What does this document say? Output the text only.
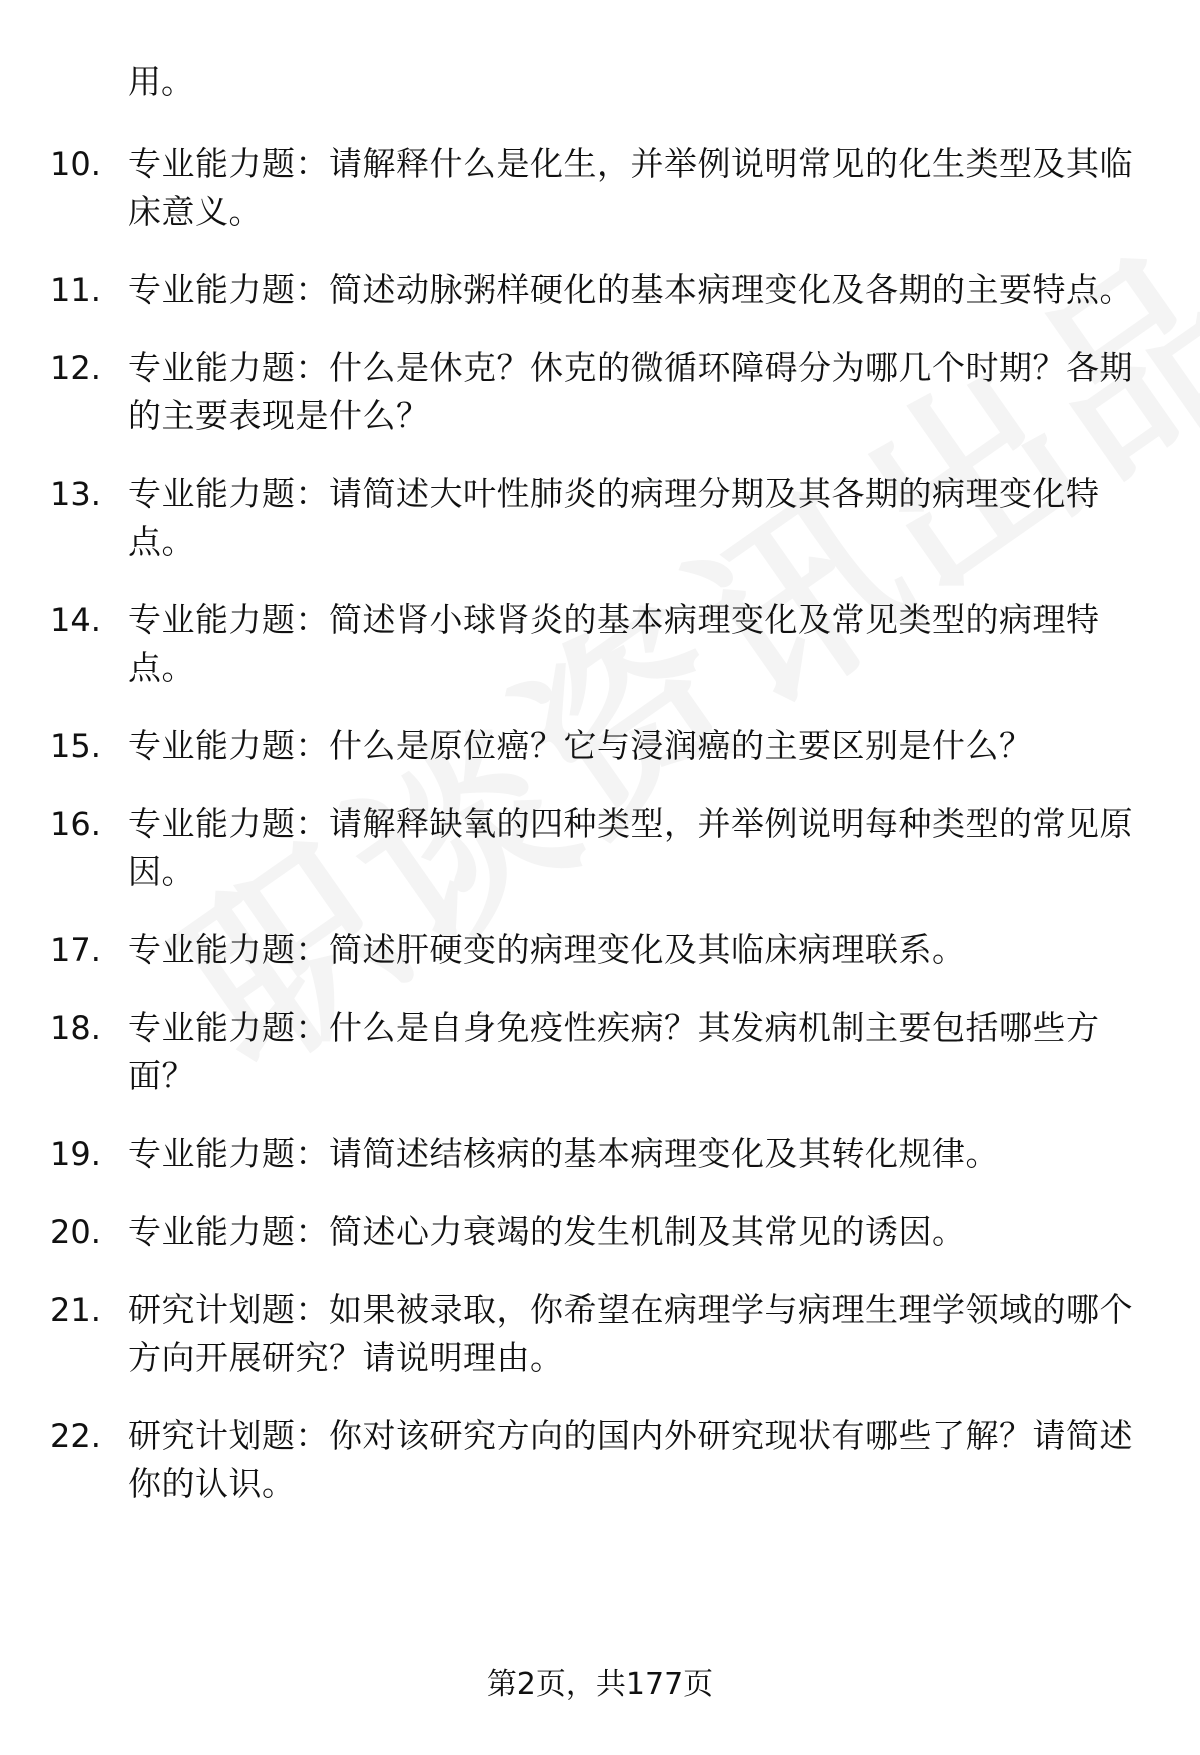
用。
10. 专业能力题：请解释什么是化生，并举例说明常见的化生类型及其临床意义。
11. 专业能力题：简述动脉粥样硬化的基本病理变化及各期的主要特点。
12. 专业能力题：什么是休克？休克的微循环障碍分为哪几个时期？各期的主要表现是什么？
13. 专业能力题：请简述大叶性肺炎的病理分期及其各期的病理变化特点。
14. 专业能力题：简述肾小球肾炎的基本病理变化及常见类型的病理特点。
15. 专业能力题：什么是原位癌？它与浸润癌的主要区别是什么？
16. 专业能力题：请解释缺氧的四种类型，并举例说明每种类型的常见原因。
17. 专业能力题：简述肝硬变的病理变化及其临床病理联系。
18. 专业能力题：什么是自身免疫性疾病？其发病机制主要包括哪些方面？
19. 专业能力题：请简述结核病的基本病理变化及其转化规律。
20. 专业能力题：简述心力衰竭的发生机制及其常见的诱因。
21. 研究计划题：如果被录取，你希望在病理学与病理生理学领域的哪个方向开展研究？请说明理由。
22. 研究计划题：你对该研究方向的国内外研究现状有哪些了解？请简述你的认识。
第2页，共177页
